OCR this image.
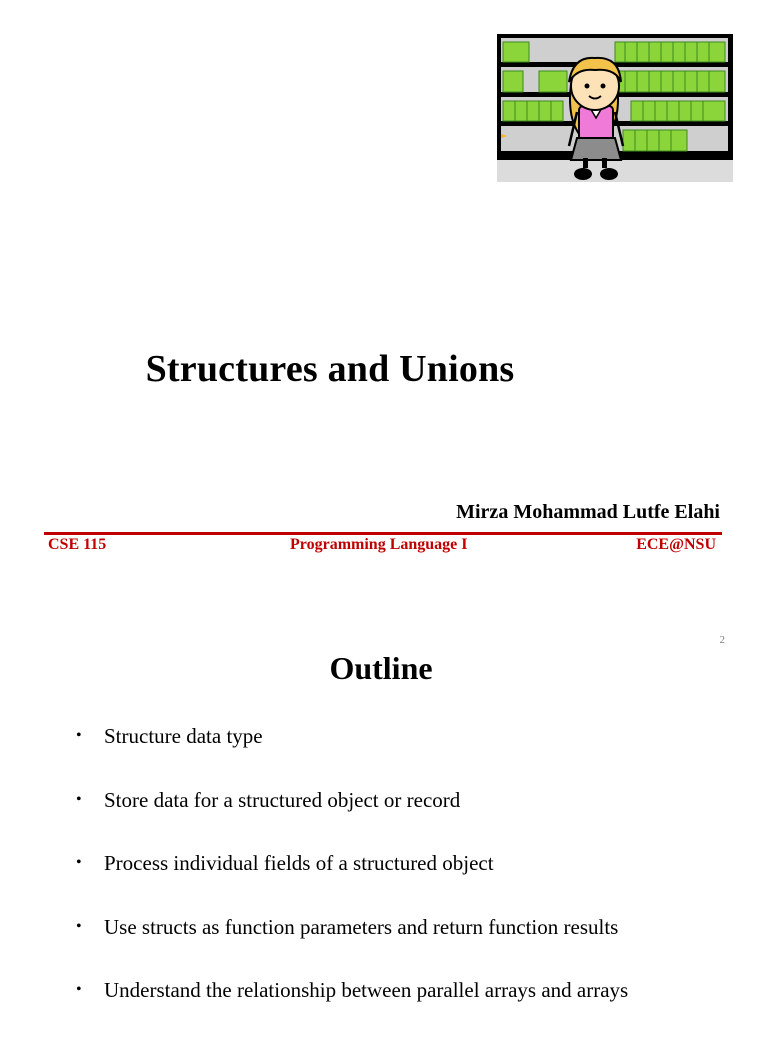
Structures and Unions
Mirza Mohammad Lutfe Elahi
CSE 115	Programming Language I	ECE@NSU
2
Outline
•	Structure data type
•	Store data for a structured object or record
•	Process individual fields of a structured object
•	Use structs as function parameters and return function results
•	Understand the relationship between parallel arrays and arrays
